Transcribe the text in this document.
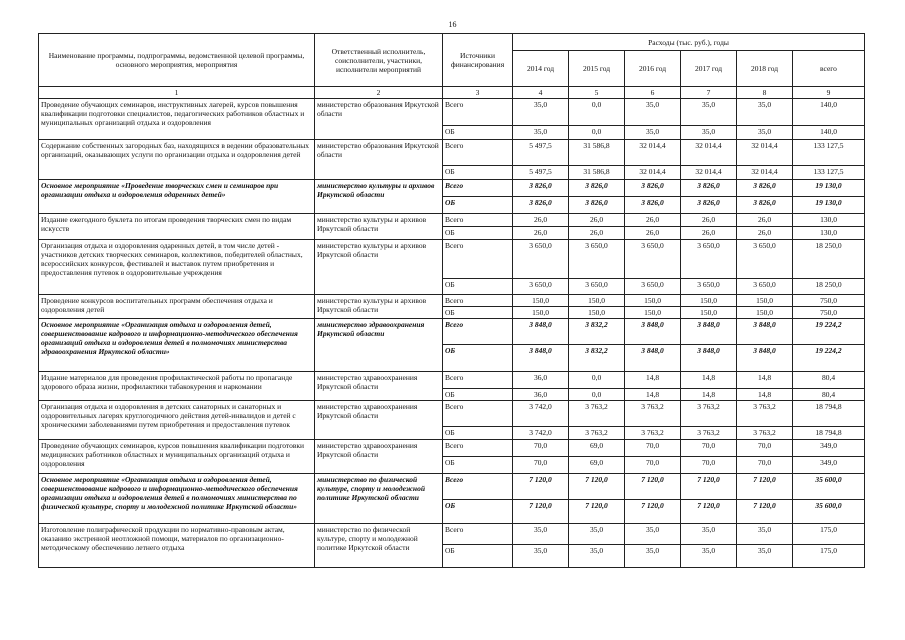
16
Наименование программы, подпрограммы, ведомственной целевой программы, основного мероприятия, мероприятия	Ответственный исполнитель, соисполнители, участники, исполнители мероприятий	Источники финансирования	Расходы (тыс. руб.), годы					
			2014 год	2015 год	2016 год	2017 год	2018 год	всего
1	2	3	4	5	6	7	8	9
Проведение обучающих семинаров, инструктивных лагерей, курсов повышения квалификации подготовки специалистов, педагогических работников областных и муниципальных организаций отдыха и оздоровления	министерство образования Иркутской области	Всего	35,0	0,0	35,0	35,0	35,0	140,0
		ОБ	35,0	0,0	35,0	35,0	35,0	140,0
Содержание собственных загородных баз, находящихся в ведении образовательных организаций, оказывающих услуги по организации отдыха и оздоровления детей	министерство образования Иркутской области	Всего	5 497,5	31 586,8	32 014,4	32 014,4	32 014,4	133 127,5
		ОБ	5 497,5	31 586,8	32 014,4	32 014,4	32 014,4	133 127,5
Основное мероприятие «Проведение творческих смен и семинаров при организации отдыха и оздоровления одаренных детей»	министерство культуры и архивов Иркутской области	Всего	3 826,0	3 826,0	3 826,0	3 826,0	3 826,0	19 130,0
		ОБ	3 826,0	3 826,0	3 826,0	3 826,0	3 826,0	19 130,0
Издание ежегодного буклета по итогам проведения творческих смен по видам искусств	министерство культуры и архивов Иркутской области	Всего	26,0	26,0	26,0	26,0	26,0	130,0
		ОБ	26,0	26,0	26,0	26,0	26,0	130,0
Организация отдыха и оздоровления одаренных детей, в том числе детей - участников детских творческих семинаров, коллективов, победителей областных, всероссийских конкурсов, фестивалей и выставок путем приобретения и предоставления путевок в оздоровительные учреждения	министерство культуры и архивов Иркутской области	Всего	3 650,0	3 650,0	3 650,0	3 650,0	3 650,0	18 250,0
		ОБ	3 650,0	3 650,0	3 650,0	3 650,0	3 650,0	18 250,0
Проведение конкурсов воспитательных программ обеспечения отдыха и оздоровления детей	министерство культуры и архивов Иркутской области	Всего	150,0	150,0	150,0	150,0	150,0	750,0
		ОБ	150,0	150,0	150,0	150,0	150,0	750,0
Основное мероприятие «Организация отдыха и оздоровления детей, совершенствование кадрового и информационно-методического обеспечения организаций отдыха и оздоровления детей в полномочиях министерства здравоохранения Иркутской области»	министерство здравоохранения Иркутской области	Всего	3 848,0	3 832,2	3 848,0	3 848,0	3 848,0	19 224,2
		ОБ	3 848,0	3 832,2	3 848,0	3 848,0	3 848,0	19 224,2
Издание материалов для проведения профилактической работы по пропаганде здорового образа жизни, профилактики табакокурения и наркомании	министерство здравоохранения Иркутской области	Всего	36,0	0,0	14,8	14,8	14,8	80,4
		ОБ	36,0	0,0	14,8	14,8	14,8	80,4
Организация отдыха и оздоровления в детских санаторных и санаторных и оздоровительных лагерях круглогодичного действия детей-инвалидов и детей с хроническими заболеваниями путем приобретения и предоставления путевок	министерство здравоохранения Иркутской области	Всего	3 742,0	3 763,2	3 763,2	3 763,2	3 763,2	18 794,8
		ОБ	3 742,0	3 763,2	3 763,2	3 763,2	3 763,2	18 794,8
Проведение обучающих семинаров, курсов повышения квалификации подготовки медицинских работников областных и муниципальных организаций отдыха и оздоровления	министерство здравоохранения Иркутской области	Всего	70,0	69,0	70,0	70,0	70,0	349,0
		ОБ	70,0	69,0	70,0	70,0	70,0	349,0
Основное мероприятие «Организация отдыха и оздоровления детей, совершенствование кадрового и информационно-методического обеспечения организации отдыха и оздоровления детей в полномочиях министерства по физической культуре, спорту и молодежной политике Иркутской области»	министерство по физической культуре, спорту и молодежной политике Иркутской области	Всего	7 120,0	7 120,0	7 120,0	7 120,0	7 120,0	35 600,0
		ОБ	7 120,0	7 120,0	7 120,0	7 120,0	7 120,0	35 600,0
Изготовление полиграфической продукции по нормативно-правовым актам, оказанию экстренной неотложной помощи, материалов по организационно-методическому обеспечению летнего отдыха	министерство по физической культуре, спорту и молодежной политике Иркутской области	Всего	35,0	35,0	35,0	35,0	35,0	175,0
		ОБ	35,0	35,0	35,0	35,0	35,0	175,0
